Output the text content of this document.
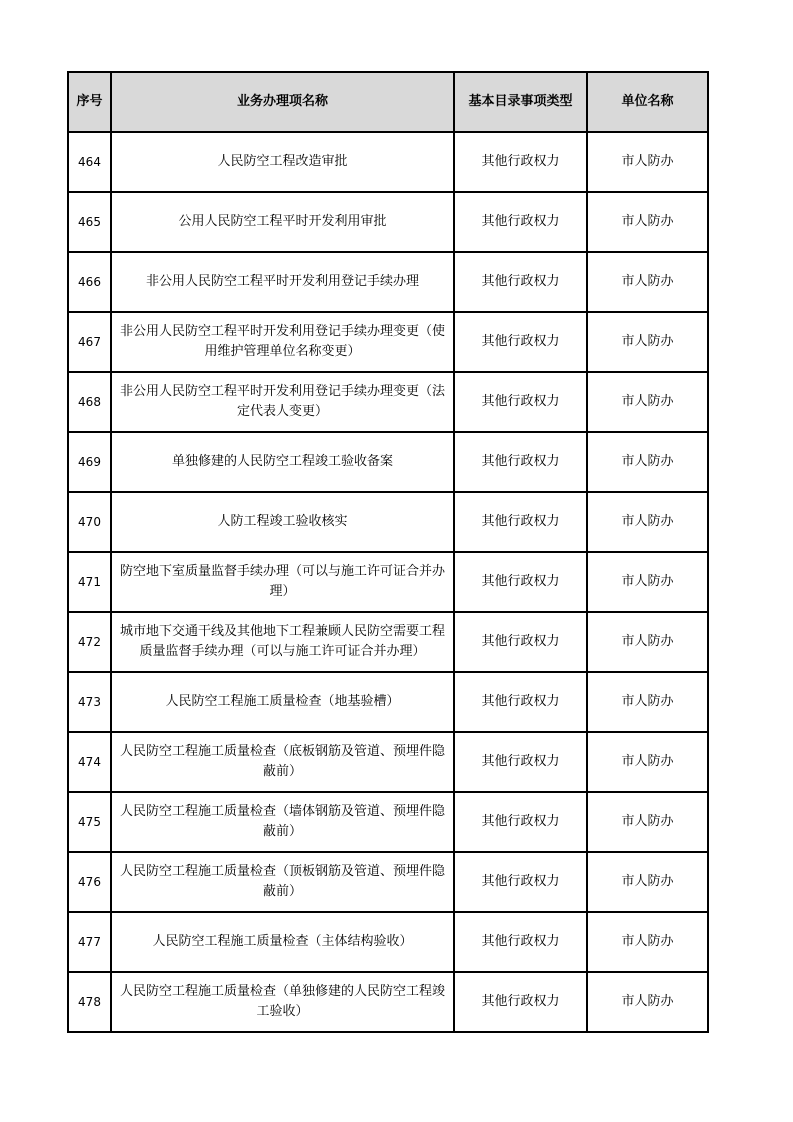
序号	业务办理项名称	基本目录事项类型	单位名称
464	人民防空工程改造审批	其他行政权力	市人防办
465	公用人民防空工程平时开发利用审批	其他行政权力	市人防办
466	非公用人民防空工程平时开发利用登记手续办理	其他行政权力	市人防办
467	非公用人民防空工程平时开发利用登记手续办理变更（使用维护管理单位名称变更）	其他行政权力	市人防办
468	非公用人民防空工程平时开发利用登记手续办理变更（法定代表人变更）	其他行政权力	市人防办
469	单独修建的人民防空工程竣工验收备案	其他行政权力	市人防办
470	人防工程竣工验收核实	其他行政权力	市人防办
471	防空地下室质量监督手续办理（可以与施工许可证合并办理）	其他行政权力	市人防办
472	城市地下交通干线及其他地下工程兼顾人民防空需要工程质量监督手续办理（可以与施工许可证合并办理）	其他行政权力	市人防办
473	人民防空工程施工质量检查（地基验槽）	其他行政权力	市人防办
474	人民防空工程施工质量检查（底板钢筋及管道、预埋件隐蔽前）	其他行政权力	市人防办
475	人民防空工程施工质量检查（墙体钢筋及管道、预埋件隐蔽前）	其他行政权力	市人防办
476	人民防空工程施工质量检查（顶板钢筋及管道、预埋件隐蔽前）	其他行政权力	市人防办
477	人民防空工程施工质量检查（主体结构验收）	其他行政权力	市人防办
478	人民防空工程施工质量检查（单独修建的人民防空工程竣工验收）	其他行政权力	市人防办
